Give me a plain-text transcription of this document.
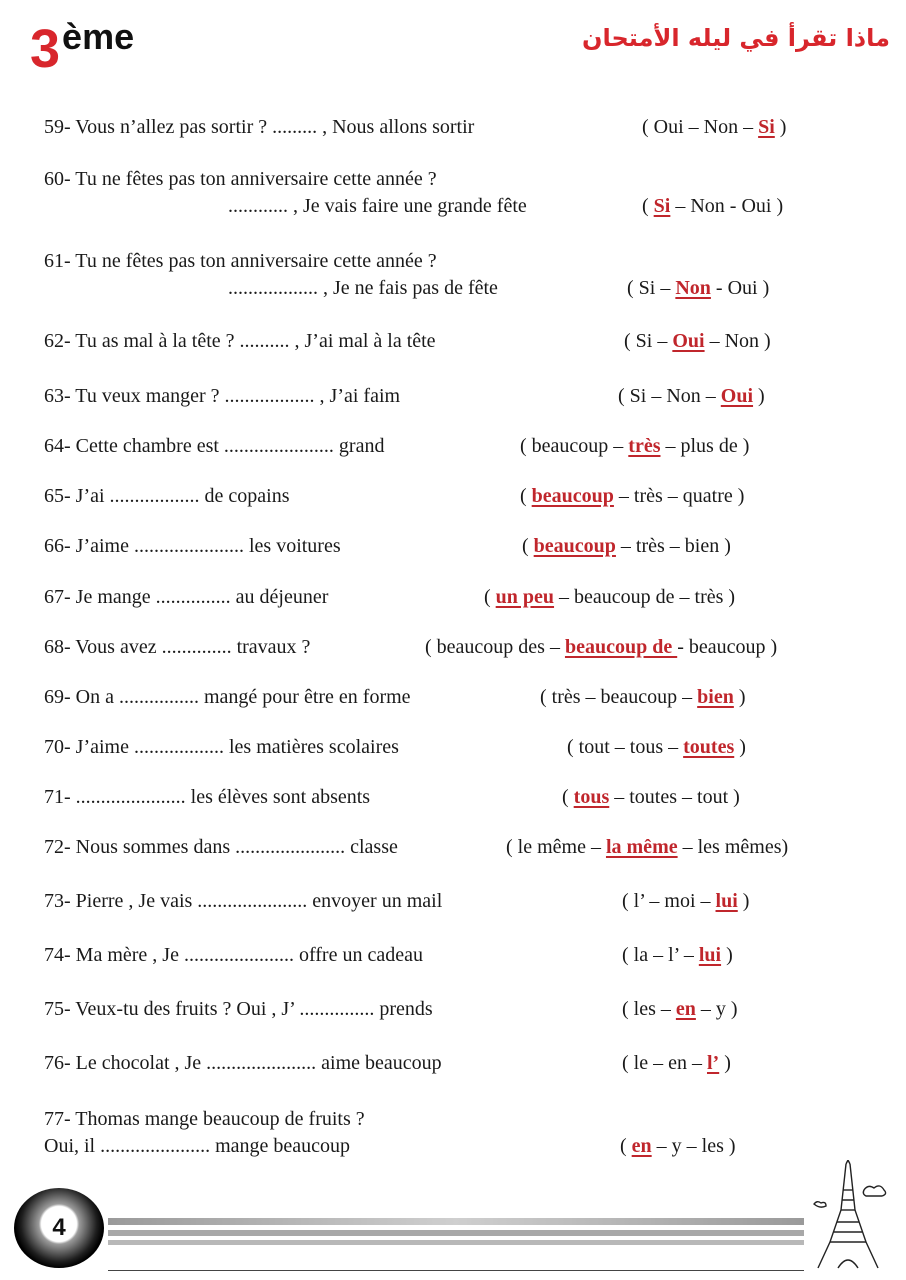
3ème	ماذا تقرأ في ليله الأمتحان
59- Vous n’allez pas sortir ? ......... , Nous allons sortir	( Oui – Non – Si )
60- Tu ne fêtes pas ton anniversaire cette année ?
............ , Je vais faire une grande fête	( Si – Non - Oui )
61- Tu ne fêtes pas ton anniversaire cette année ?
.................. , Je ne fais pas de fête	( Si – Non - Oui )
62- Tu as mal à la tête ? .......... , J’ai mal à la tête	( Si – Oui – Non )
63- Tu veux manger ? .................. , J’ai faim	( Si – Non – Oui )
64- Cette chambre est ...................... grand	( beaucoup – très – plus de )
65- J’ai .................. de copains	( beaucoup – très – quatre )
66- J’aime ...................... les voitures	( beaucoup – très – bien )
67- Je mange ............... au déjeuner	( un peu – beaucoup de – très )
68- Vous avez .............. travaux ?	( beaucoup des – beaucoup de - beaucoup )
69- On a ................ mangé pour être en forme	( très – beaucoup – bien )
70- J’aime .................. les matières scolaires	( tout – tous – toutes )
71- ...................... les élèves sont absents	( tous – toutes – tout )
72- Nous sommes dans ...................... classe	( le même – la même – les mêmes)
73- Pierre , Je vais ...................... envoyer un mail	( l’ – moi – lui )
74- Ma mère , Je ...................... offre un cadeau	( la – l’ – lui )
75- Veux-tu des fruits ? Oui , J’ ............... prends	( les – en – y )
76- Le chocolat , Je ...................... aime beaucoup	( le – en – l’ )
77- Thomas mange beaucoup de fruits ?
Oui, il ...................... mange beaucoup	( en – y – les )
4
